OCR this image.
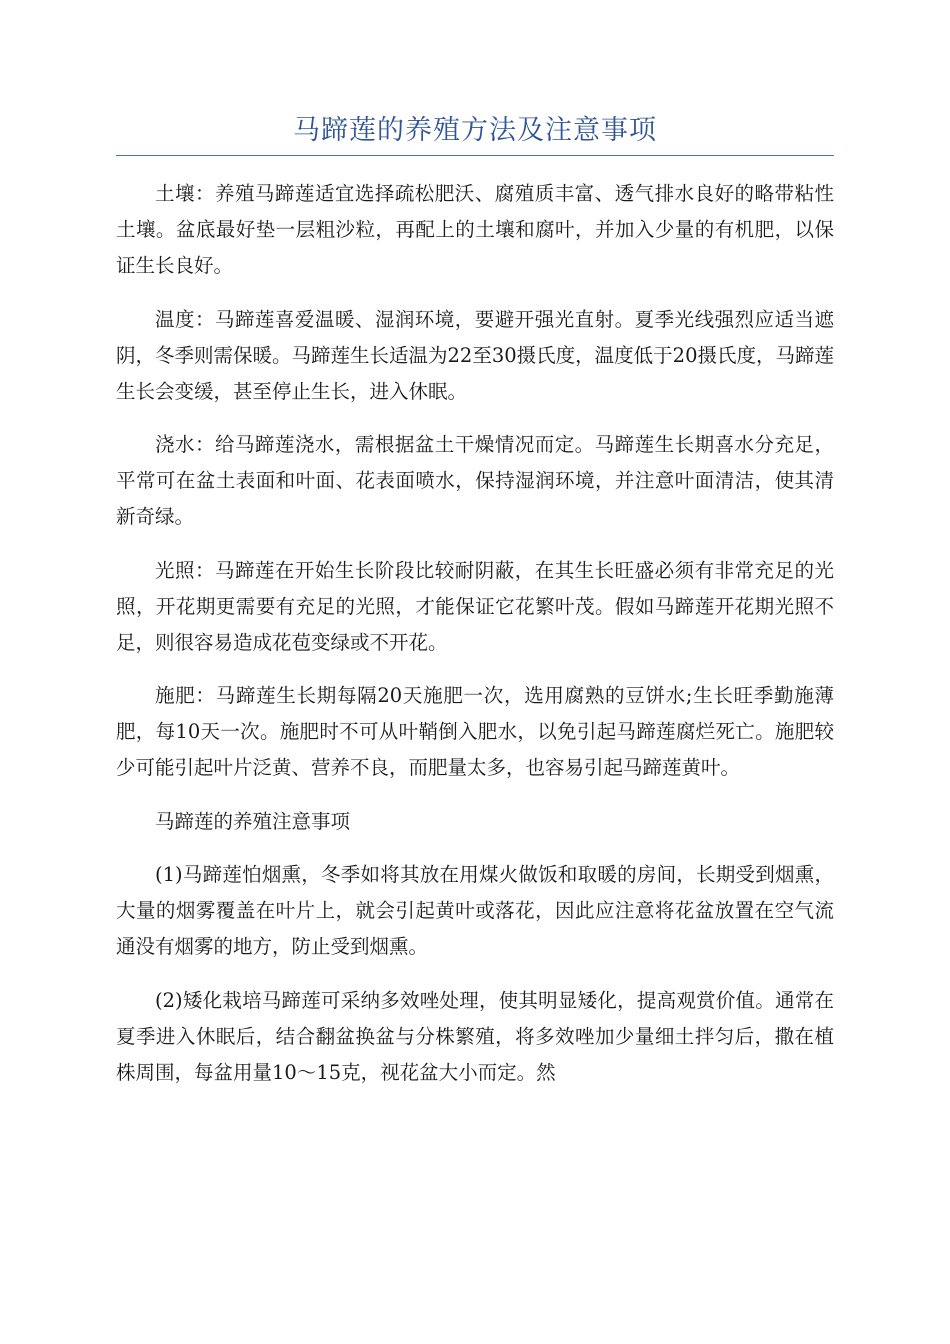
马蹄莲的养殖方法及注意事项

土壤：养殖马蹄莲适宜选择疏松肥沃、腐殖质丰富、透气排水良好的略带粘性土壤。盆底最好垫一层粗沙粒，再配上的土壤和腐叶，并加入少量的有机肥，以保证生长良好。

温度：马蹄莲喜爱温暖、湿润环境，要避开强光直射。夏季光线强烈应适当遮阴，冬季则需保暖。马蹄莲生长适温为22至30摄氏度，温度低于20摄氏度，马蹄莲生长会变缓，甚至停止生长，进入休眠。

浇水：给马蹄莲浇水，需根据盆土干燥情况而定。马蹄莲生长期喜水分充足，平常可在盆土表面和叶面、花表面喷水，保持湿润环境，并注意叶面清洁，使其清新奇绿。

光照：马蹄莲在开始生长阶段比较耐阴蔽，在其生长旺盛必须有非常充足的光照，开花期更需要有充足的光照，才能保证它花繁叶茂。假如马蹄莲开花期光照不足，则很容易造成花苞变绿或不开花。

施肥：马蹄莲生长期每隔20天施肥一次，选用腐熟的豆饼水;生长旺季勤施薄肥，每10天一次。施肥时不可从叶鞘倒入肥水，以免引起马蹄莲腐烂死亡。施肥较少可能引起叶片泛黄、营养不良，而肥量太多，也容易引起马蹄莲黄叶。

马蹄莲的养殖注意事项

(1)马蹄莲怕烟熏，冬季如将其放在用煤火做饭和取暖的房间，长期受到烟熏，大量的烟雾覆盖在叶片上，就会引起黄叶或落花，因此应注意将花盆放置在空气流通没有烟雾的地方，防止受到烟熏。

(2)矮化栽培马蹄莲可采纳多效唑处理，使其明显矮化，提高观赏价值。通常在夏季进入休眠后，结合翻盆换盆与分株繁殖，将多效唑加少量细土拌匀后，撒在植株周围，每盆用量10～15克，视花盆大小而定。然
